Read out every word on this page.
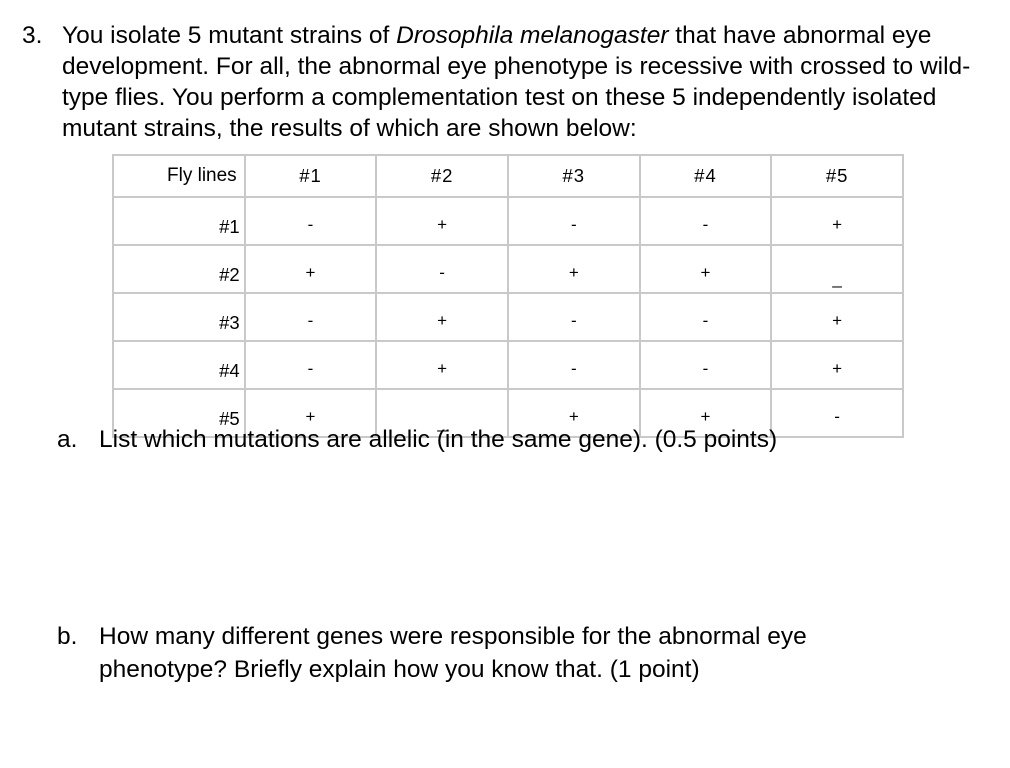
3. You isolate 5 mutant strains of Drosophila melanogaster that have abnormal eye development. For all, the abnormal eye phenotype is recessive with crossed to wild-type flies. You perform a complementation test on these 5 independently isolated mutant strains, the results of which are shown below:
Fly lines	#1	#2	#3	#4	#5
#1	-	+	-	-	+
#2	+	-	+	+	_
#3	-	+	-	-	+
#4	-	+	-	-	+
#5	+	_	+	+	-
a. List which mutations are allelic (in the same gene). (0.5 points)
b. How many different genes were responsible for the abnormal eye phenotype? Briefly explain how you know that. (1 point)
